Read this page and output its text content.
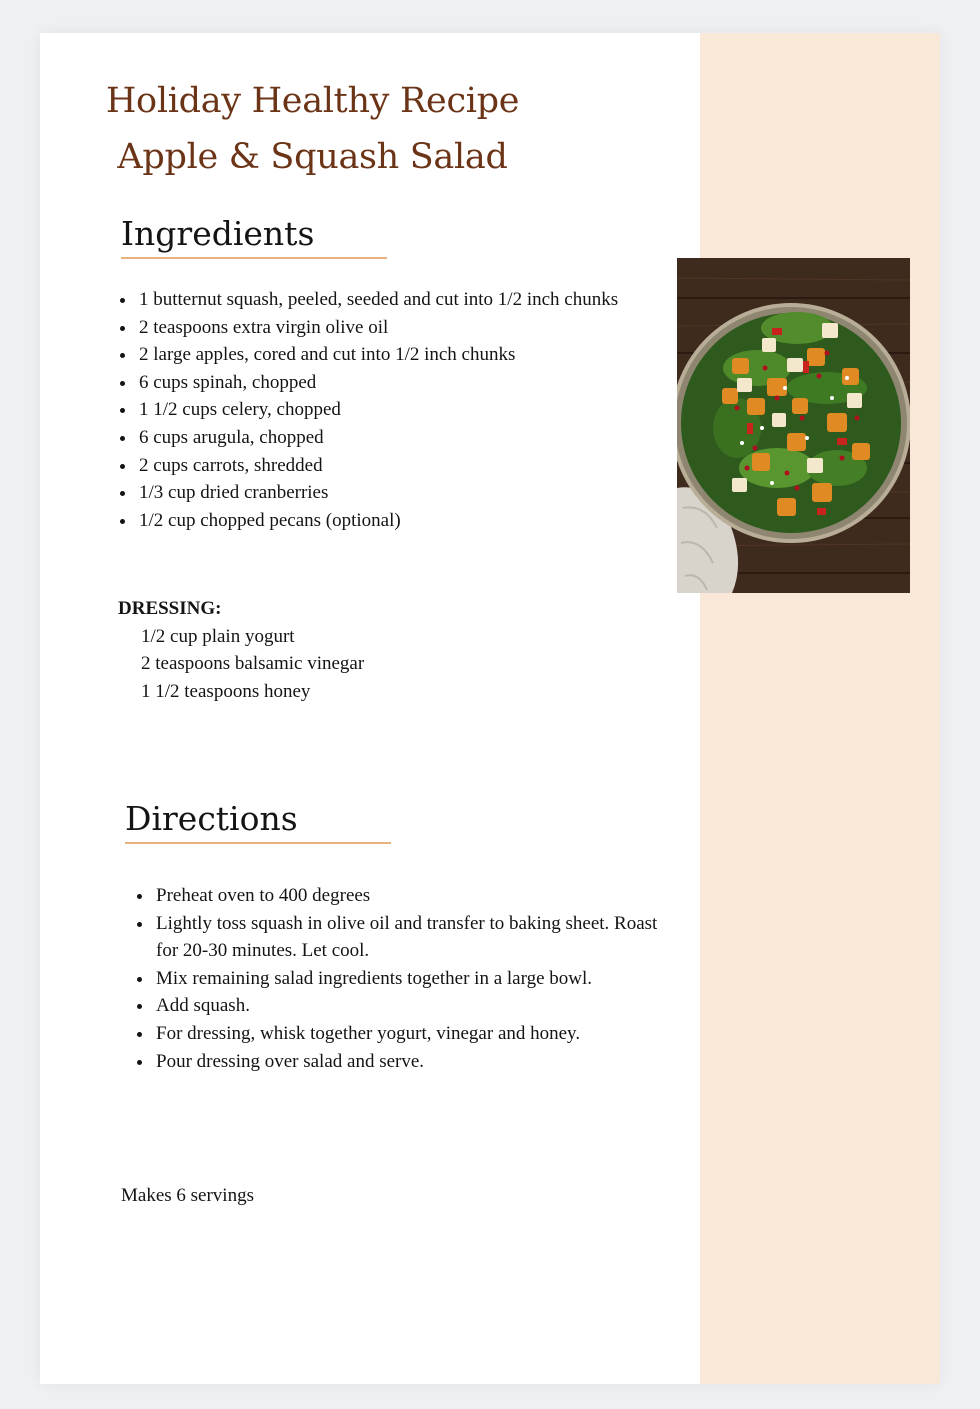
Holiday Healthy Recipe
Apple & Squash Salad
Ingredients
• 1 butternut squash, peeled, seeded and cut into 1/2 inch chunks
• 2 teaspoons extra virgin olive oil
• 2 large apples, cored and cut into 1/2 inch chunks
• 6 cups spinah, chopped
• 1 1/2 cups celery, chopped
• 6 cups arugula, chopped
• 2 cups carrots, shredded
• 1/3 cup dried cranberries
• 1/2 cup chopped pecans (optional)
DRESSING:
1/2 cup plain yogurt
2 teaspoons balsamic vinegar
1 1/2 teaspoons honey
Directions
• Preheat oven to 400 degrees
• Lightly toss squash in olive oil and transfer to baking sheet. Roast for 20-30 minutes. Let cool.
• Mix remaining salad ingredients together in a large bowl.
• Add squash.
• For dressing, whisk together yogurt, vinegar and honey.
• Pour dressing over salad and serve.
Makes 6 servings
